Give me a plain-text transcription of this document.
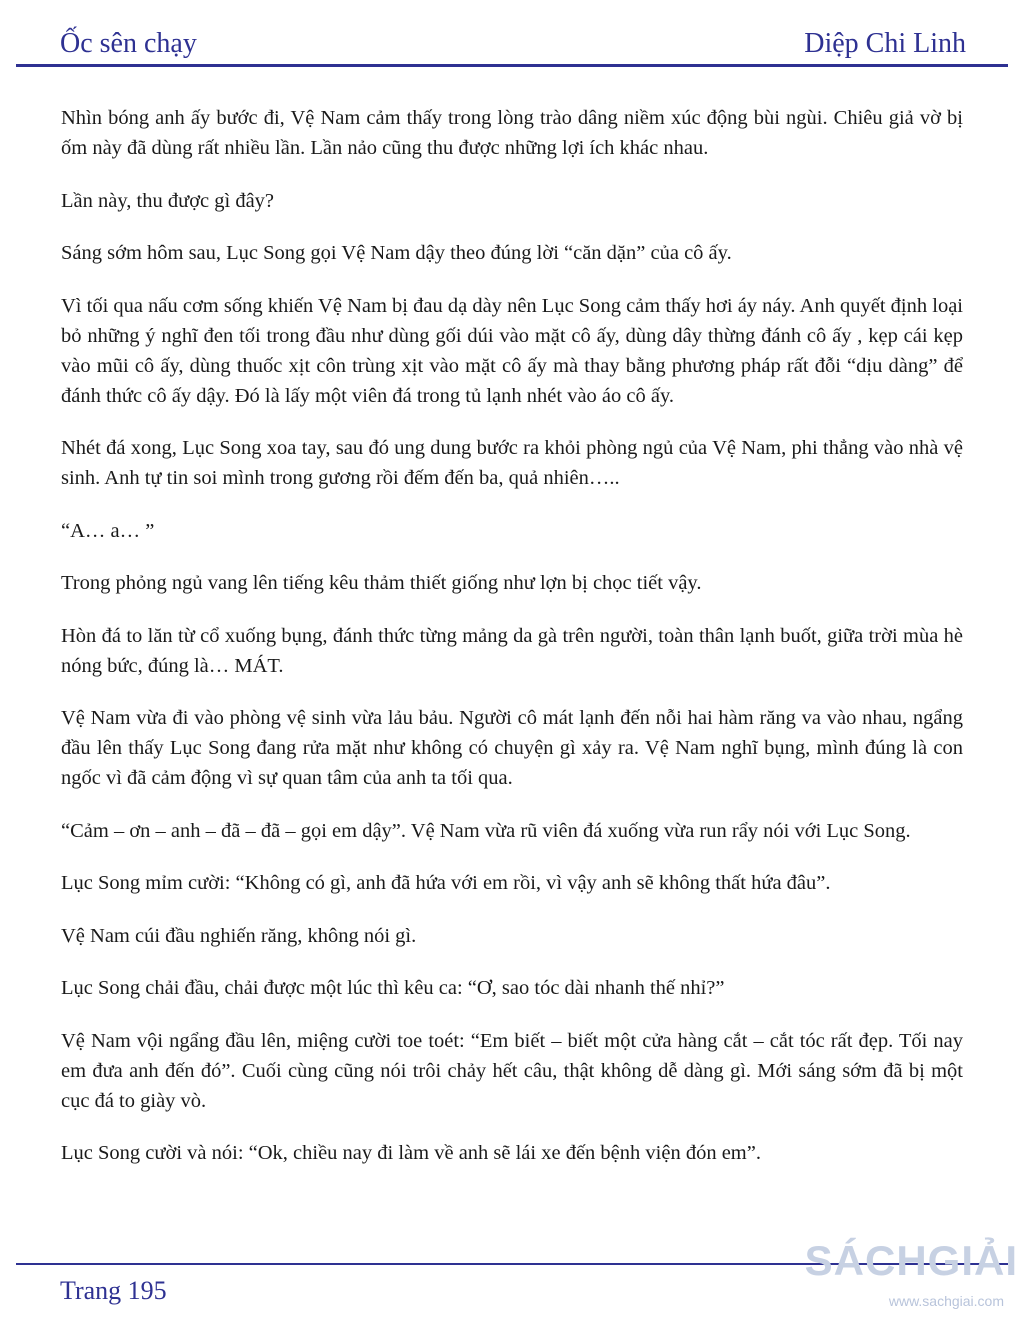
Ốc sên chạy	Diệp Chi Linh

Nhìn bóng anh ấy bước đi, Vệ Nam cảm thấy trong lòng trào dâng niềm xúc động bùi ngùi. Chiêu giả vờ bị ốm này đã dùng rất nhiều lần. Lần nảo cũng thu được những lợi ích khác nhau.

Lần này, thu được gì đây?

Sáng sớm hôm sau, Lục Song gọi Vệ Nam dậy theo đúng lời “căn dặn” của cô ấy.

Vì tối qua nấu cơm sống khiến Vệ Nam bị đau dạ dày nên Lục Song cảm thấy hơi áy náy. Anh quyết định loại bỏ những ý nghĩ đen tối trong đầu như dùng gối dúi vào mặt cô ấy, dùng dây thừng đánh cô ấy , kẹp cái kẹp vào mũi cô ấy, dùng thuốc xịt côn trùng xịt vào mặt cô ấy mà thay bằng phương pháp rất đỗi “dịu dàng” để đánh thức cô ấy dậy. Đó là lấy một viên đá trong tủ lạnh nhét vào áo cô ấy.

Nhét đá xong, Lục Song xoa tay, sau đó ung dung bước ra khỏi phòng ngủ của Vệ Nam, phi thẳng vào nhà vệ sinh. Anh tự tin soi mình trong gương rồi đếm đến ba, quả nhiên…..

“A… a… ”

Trong phỏng ngủ vang lên tiếng kêu thảm thiết giống như lợn bị chọc tiết vậy.

Hòn đá to lăn từ cổ xuống bụng, đánh thức từng mảng da gà trên người, toàn thân lạnh buốt, giữa trời mùa hè nóng bức, đúng là… MÁT.

Vệ Nam vừa đi vào phòng vệ sinh vừa lảu bảu. Người cô mát lạnh đến nỗi hai hàm răng va vào nhau, ngẩng đầu lên thấy Lục Song đang rửa mặt như không có chuyện gì xảy ra. Vệ Nam nghĩ bụng, mình đúng là con ngốc vì đã cảm động vì sự quan tâm của anh ta tối qua.

“Cảm – ơn – anh – đã – đã – gọi em dậy”. Vệ Nam vừa rũ viên đá xuống vừa run rẩy nói với Lục Song.

Lục Song mỉm cười: “Không có gì, anh đã hứa với em rồi, vì vậy anh sẽ không thất hứa đâu”.

Vệ Nam cúi đầu nghiến răng, không nói gì.

Lục Song chải đầu, chải được một lúc thì kêu ca: “Ơ, sao tóc dài nhanh thế nhỉ?”

Vệ Nam vội ngẩng đầu lên, miệng cười toe toét: “Em biết – biết một cửa hàng cắt – cắt tóc rất đẹp. Tối nay em đưa anh đến đó”. Cuối cùng cũng nói trôi chảy hết câu, thật không dễ dàng gì. Mới sáng sớm đã bị một cục đá to giày vò.

Lục Song cười và nói: “Ok, chiều nay đi làm về anh sẽ lái xe đến bệnh viện đón em”.

Trang 195
SÁCHGIẢI
www.sachgiai.com
